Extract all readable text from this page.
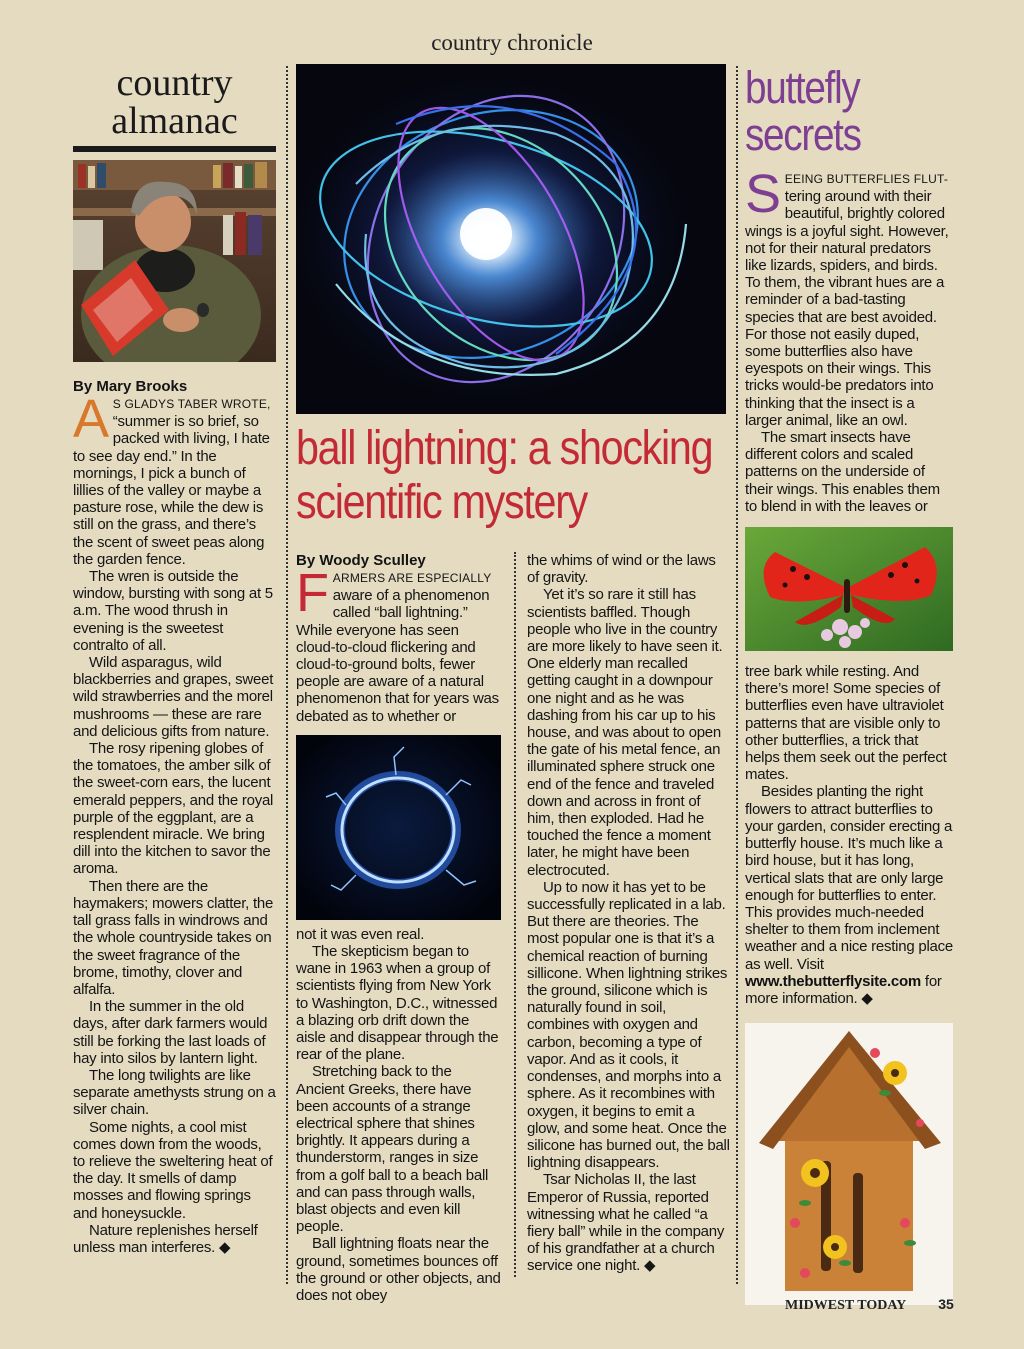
country chronicle
country
almanac
By Mary Brooks

AS GLADYS TABER WROTE, “summer is so brief, so packed with living, I hate to see day end.” In the mornings, I pick a bunch of lillies of the valley or maybe a pasture rose, while the dew is still on the grass, and there’s the scent of sweet peas along the garden fence.

The wren is outside the window, bursting with song at 5 a.m. The wood thrush in evening is the sweetest contralto of all.

Wild asparagus, wild blackberries and grapes, sweet wild strawberries and the morel mushrooms — these are rare and delicious gifts from nature.

The rosy ripening globes of the tomatoes, the amber silk of the sweet-corn ears, the lucent emerald peppers, and the royal purple of the eggplant, are a resplendent miracle. We bring dill into the kitchen to savor the aroma.

Then there are the haymakers; mowers clatter, the tall grass falls in windrows and the whole countryside takes on the sweet fragrance of the brome, timothy, clover and alfalfa.

In the summer in the old days, after dark farmers would still be forking the last loads of hay into silos by lantern light.

The long twilights are like separate amethysts strung on a silver chain.

Some nights, a cool mist comes down from the woods, to relieve the sweltering heat of the day. It smells of damp mosses and flowing springs and honeysuckle.

Nature replenishes herself unless man interferes. ◆

ball lightning: a shocking scientific mystery
By Woody Sculley

FARMERS ARE ESPECIALLY aware of a phenomenon called “ball lightning.” While everyone has seen cloud-to-cloud flickering and cloud-to-ground bolts, fewer people are aware of a natural phenomenon that for years was debated as to whether or

not it was even real.

The skepticism began to wane in 1963 when a group of scientists flying from New York to Washington, D.C., witnessed a blazing orb drift down the aisle and disappear through the rear of the plane.

Stretching back to the Ancient Greeks, there have been accounts of a strange electrical sphere that shines brightly. It appears during a thunderstorm, ranges in size from a golf ball to a beach ball and can pass through walls, blast objects and even kill people.

Ball lightning floats near the ground, sometimes bounces off the ground or other objects, and does not obey

the whims of wind or the laws of gravity.

Yet it’s so rare it still has scientists baffled. Though people who live in the country are more likely to have seen it. One elderly man recalled getting caught in a downpour one night and as he was dashing from his car up to his house, and was about to open the gate of his metal fence, an illuminated sphere struck one end of the fence and traveled down and across in front of him, then exploded. Had he touched the fence a moment later, he might have been electrocuted.

Up to now it has yet to be successfully replicated in a lab. But there are theories. The most popular one is that it’s a chemical reaction of burning sillicone. When lightning strikes the ground, silicone which is naturally found in soil, combines with oxygen and carbon, becoming a type of vapor. And as it cools, it condenses, and morphs into a sphere. As it recombines with oxygen, it begins to emit a glow, and some heat. Once the silicone has burned out, the ball lightning disappears.

Tsar Nicholas II, the last Emperor of Russia, reported witnessing what he called “a fiery ball” while in the company of his grandfather at a church service one night. ◆

buttefly
secrets

SEEING BUTTERFLIES FLUT-tering around with their beautiful, brightly colored wings is a joyful sight. However, not for their natural predators like lizards, spiders, and birds. To them, the vibrant hues are a reminder of a bad-tasting species that are best avoided. For those not easily duped, some butterflies also have eyespots on their wings. This tricks would-be predators into thinking that the insect is a larger animal, like an owl.

The smart insects have different colors and scaled patterns on the underside of their wings. This enables them to blend in with the leaves or

tree bark while resting. And there’s more! Some species of butterflies even have ultraviolet patterns that are visible only to other butterflies, a trick that helps them seek out the perfect mates.

Besides planting the right flowers to attract butterflies to your garden, consider erecting a butterfly house. It’s much like a bird house, but it has long, vertical slats that are only large enough for butterflies to enter. This provides much-needed shelter to them from inclement weather and a nice resting place as well. Visit www.thebutterflysite.com for more information. ◆

MIDWEST TODAY 35
